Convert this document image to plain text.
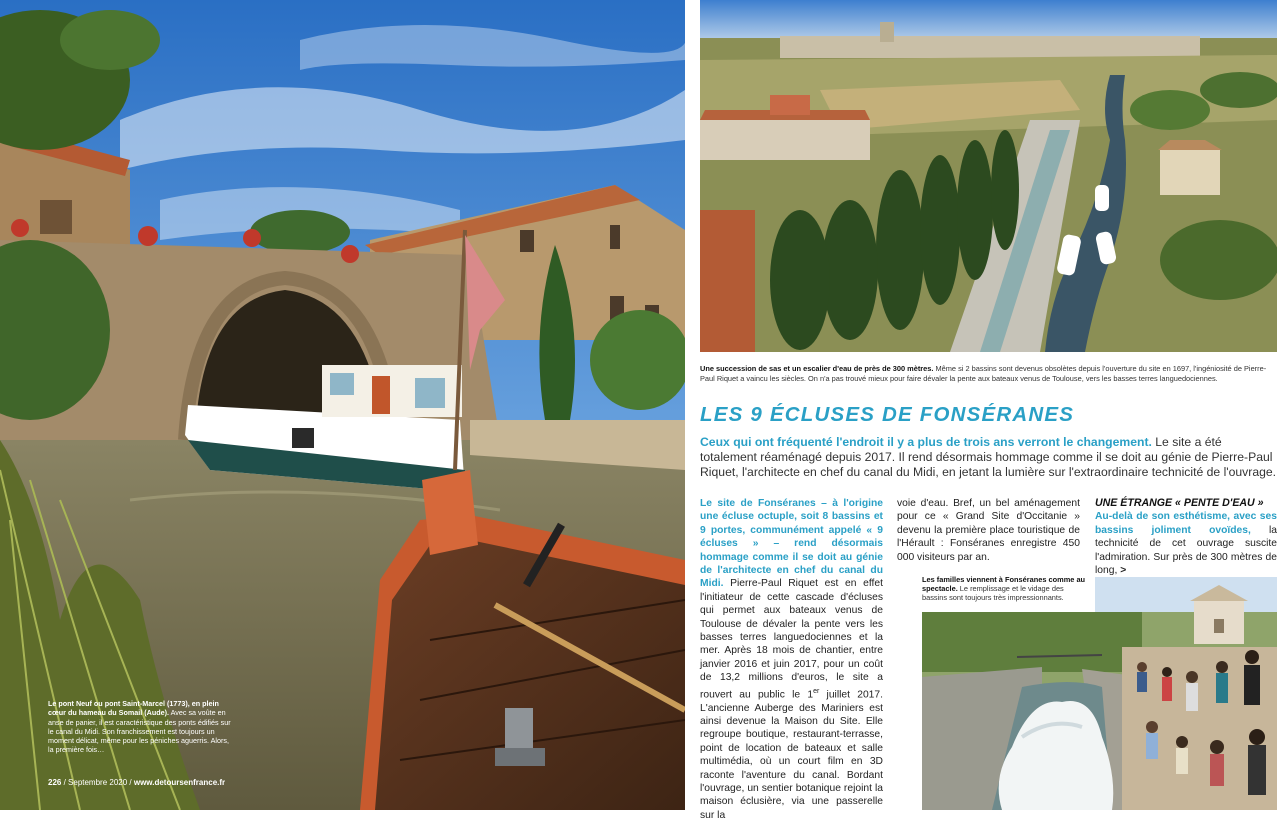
Le pont Neuf ou pont Saint-Marcel (1773), en plein cœur du hameau du Somail (Aude). Avec sa voûte en anse de panier, il est caractéristique des ponts édifiés sur le canal du Midi. Son franchissement est toujours un moment délicat, même pour les péniches aguerris. Alors, la première fois…
226 / Septembre 2020 / www.detoursenfrance.fr
Une succession de sas et un escalier d'eau de près de 300 mètres. Même si 2 bassins sont devenus obsolètes depuis l'ouverture du site en 1697, l'ingéniosité de Pierre-Paul Riquet a vaincu les siècles. On n'a pas trouvé mieux pour faire dévaler la pente aux bateaux venus de Toulouse, vers les basses terres languedociennes.
LES 9 ÉCLUSES DE FONSÉRANES
Ceux qui ont fréquenté l'endroit il y a plus de trois ans verront le changement. Le site a été totalement réaménagé depuis 2017. Il rend désormais hommage comme il se doit au génie de Pierre-Paul Riquet, l'architecte en chef du canal du Midi, en jetant la lumière sur l'extraordinaire technicité de l'ouvrage.
Le site de Fonséranes – à l'origine une écluse octuple, soit 8 bassins et 9 portes, communément appelé « 9 écluses » – rend désormais hommage comme il se doit au génie de l'architecte en chef du canal du Midi. Pierre-Paul Riquet est en effet l'initiateur de cette cascade d'écluses qui permet aux bateaux venus de Toulouse de dévaler la pente vers les basses terres languedociennes et la mer. Après 18 mois de chantier, entre janvier 2016 et juin 2017, pour un coût de 13,2 millions d'euros, le site a rouvert au public le 1er juillet 2017. L'ancienne Auberge des Mariniers est ainsi devenue la Maison du Site. Elle regroupe boutique, restaurant-terrasse, point de location de bateaux et salle multimédia, où un court film en 3D raconte l'aventure du canal. Bordant l'ouvrage, un sentier botanique rejoint la maison éclusière, via une passerelle sur la
voie d'eau. Bref, un bel aménagement pour ce « Grand Site d'Occitanie » devenu la première place touristique de l'Hérault : Fonséranes enregistre 450 000 visiteurs par an.
UNE ÉTRANGE « PENTE D'EAU »
Au-delà de son esthétisme, avec ses bassins joliment ovoïdes, la technicité de cet ouvrage suscite l'admiration. Sur près de 300 mètres de long, >
Les familles viennent à Fonséranes comme au spectacle. Le remplissage et le vidage des bassins sont toujours très impressionnants.
